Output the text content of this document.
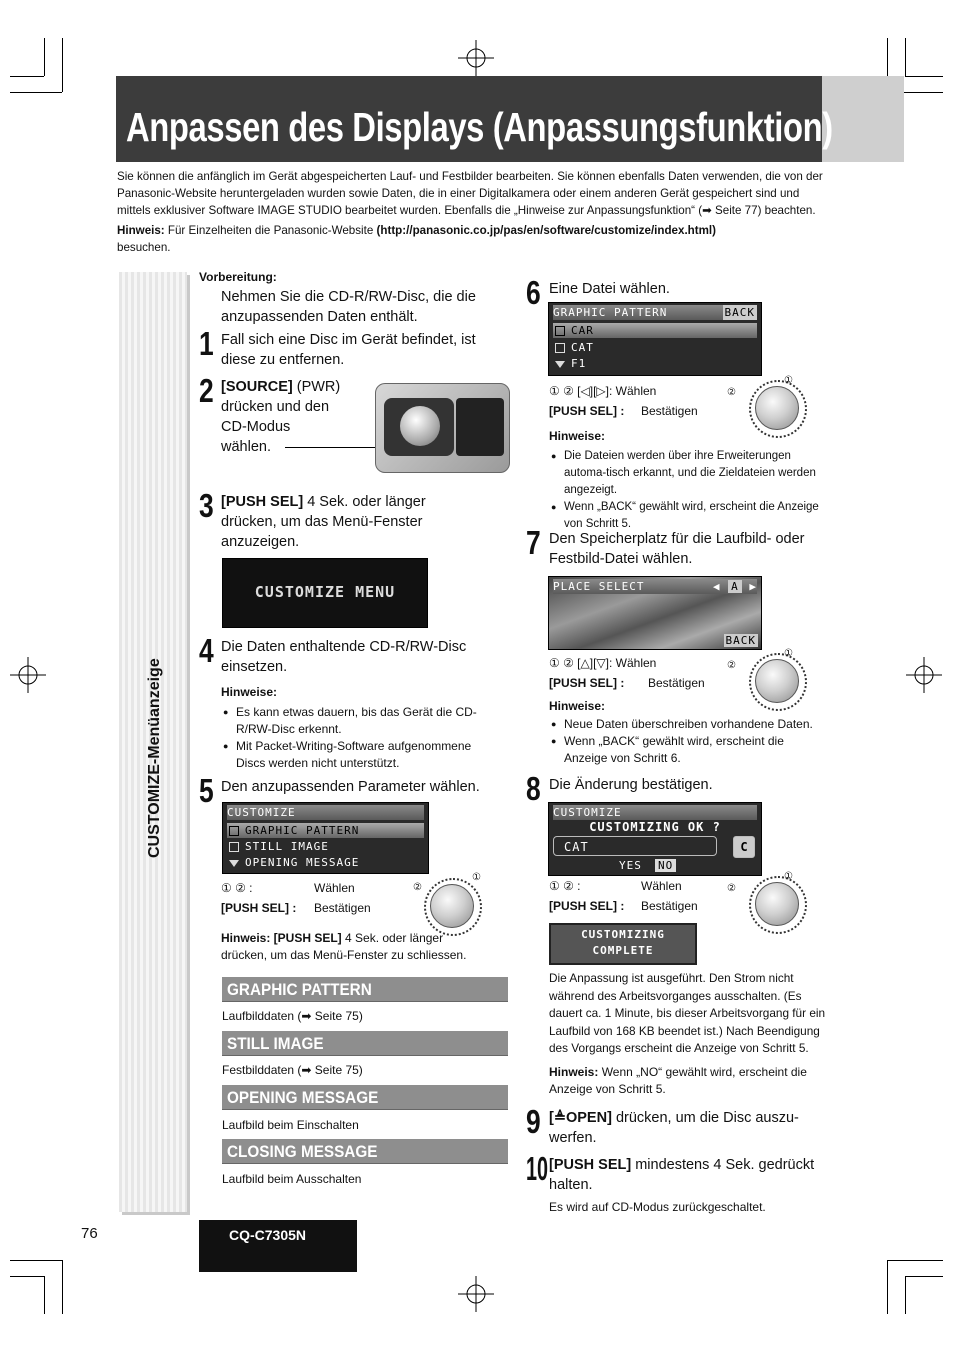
Anpassen des Displays (Anpassungsfunktion)
Sie können die anfänglich im Gerät abgespeicherten Lauf- und Festbilder bearbeiten. Sie können ebenfalls Daten verwenden, die von der
Panasonic-Website heruntergeladen wurden sowie Daten, die in einer Digitalkamera oder einem anderen Gerät gespeichert sind und
mittels exklusiver Software IMAGE STUDIO bearbeitet wurden. Ebenfalls die „Hinweise zur Anpassungsfunktion“ (➡ Seite 77) beachten.
Hinweis: Für Einzelheiten die Panasonic-Website (http://panasonic.co.jp/pas/en/software/customize/index.html)
besuchen.
CUSTOMIZE-Menüanzeige
Vorbereitung:
Nehmen Sie die CD-R/RW-Disc, die die anzupassenden Daten enthält.
1 Fall sich eine Disc im Gerät befindet, ist diese zu entfernen.
2 [SOURCE] (PWR)
drücken und den
CD-Modus
wählen.
3 [PUSH SEL] 4 Sek. oder länger drücken, um das Menü-Fenster anzuzeigen.
CUSTOMIZE MENU
4 Die Daten enthaltende CD-R/RW-Disc einsetzen.
Hinweise:
● Es kann etwas dauern, bis das Gerät die CD-R/RW-Disc erkennt.
● Mit Packet-Writing-Software aufgenommene Discs werden nicht unterstützt.
5 Den anzupassenden Parameter wählen.
CUSTOMIZE
GRAPHIC PATTERN
STILL IMAGE
OPENING MESSAGE
① ② :	Wählen
[PUSH SEL] : Bestätigen
②
①
Hinweis: [PUSH SEL] 4 Sek. oder länger
drücken, um das Menü-Fenster zu schliessen.
GRAPHIC PATTERN
Laufbilddaten (➡ Seite 75)
STILL IMAGE
Festbilddaten (➡ Seite 75)
OPENING MESSAGE
Laufbild beim Einschalten
CLOSING MESSAGE
Laufbild beim Ausschalten
76	CQ-C7305N
6 Eine Datei wählen.
GRAPHIC PATTERN	BACK
CAR
CAT
F1
① ② [◁][▷]: Wählen
[PUSH SEL] : Bestätigen
②
①
Hinweise:
● Die Dateien werden über ihre Erweiterungen automa-tisch erkannt, und die Zieldateien werden angezeigt.
● Wenn „BACK“ gewählt wird, erscheint die Anzeige von Schritt 5.
7 Den Speicherplatz für die Laufbild- oder Festbild-Datei wählen.
PLACE SELECT	◀ A ▶
BACK
① ② [△][▽]: Wählen
[PUSH SEL] : Bestätigen
②
①
Hinweise:
● Neue Daten überschreiben vorhandene Daten.
● Wenn „BACK“ gewählt wird, erscheint die Anzeige von Schritt 6.
8 Die Änderung bestätigen.
CUSTOMIZE
CUSTOMIZING OK ?
CAT	C
YES NO
① ② :	Wählen
[PUSH SEL] : Bestätigen
②
①
CUSTOMIZING
COMPLETE
Die Anpassung ist ausgeführt. Den Strom nicht während des Arbeitsvorganges ausschalten. (Es dauert ca. 1 Minute, bis dieser Arbeitsvorgang für ein Laufbild von 168 KB beendet ist.) Nach Beendigung des Vorgangs erscheint die Anzeige von Schritt 5.
Hinweis: Wenn „NO“ gewählt wird, erscheint die Anzeige von Schritt 5.
9 [≜OPEN] drücken, um die Disc auszu-werfen.
10 [PUSH SEL] mindestens 4 Sek. gedrückt halten.
Es wird auf CD-Modus zurückgeschaltet.
